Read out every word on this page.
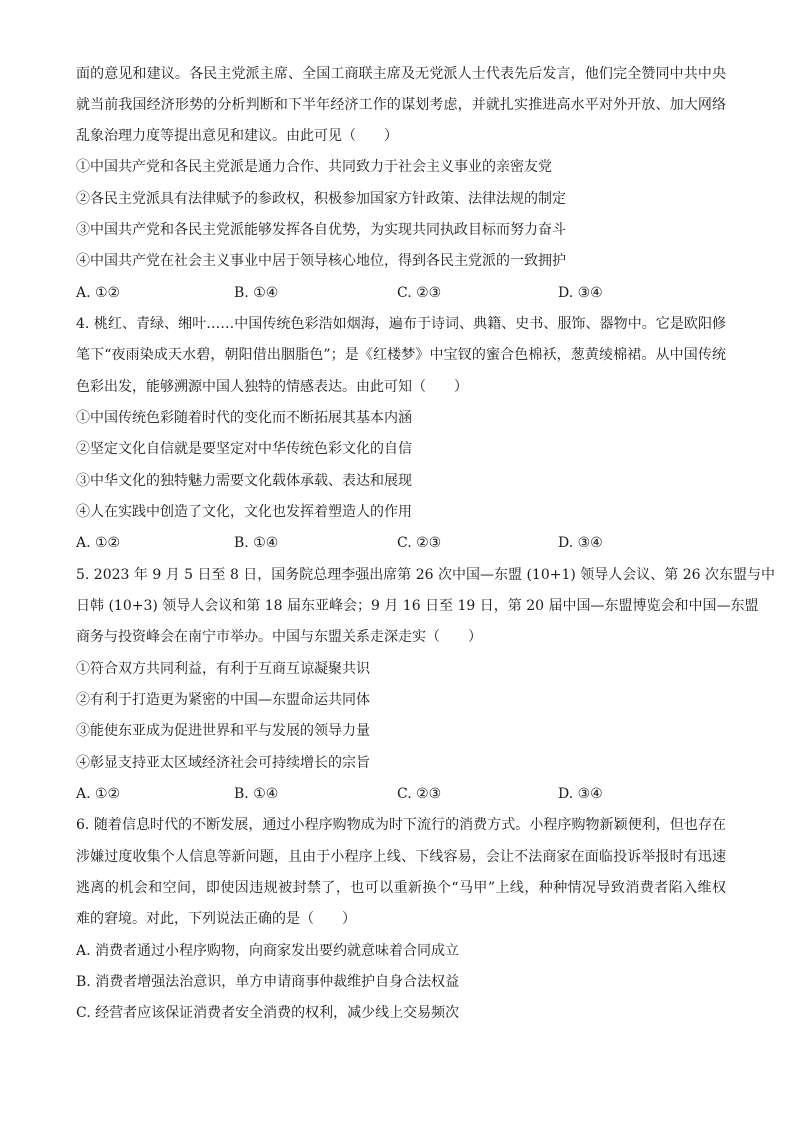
面的意见和建议。各民主党派主席、全国工商联主席及无党派人士代表先后发言，他们完全赞同中共中央
就当前我国经济形势的分析判断和下半年经济工作的谋划考虑，并就扎实推进高水平对外开放、加大网络
乱象治理力度等提出意见和建议。由此可见（　　）
①中国共产党和各民主党派是通力合作、共同致力于社会主义事业的亲密友党
②各民主党派具有法律赋予的参政权，积极参加国家方针政策、法律法规的制定
③中国共产党和各民主党派能够发挥各自优势，为实现共同执政目标而努力奋斗
④中国共产党在社会主义事业中居于领导核心地位，得到各民主党派的一致拥护
A. ①②	B. ①④	C. ②③	D. ③④
4. 桃红、青绿、缃叶……中国传统色彩浩如烟海，遍布于诗词、典籍、史书、服饰、器物中。它是欧阳修
笔下“夜雨染成天水碧，朝阳借出胭脂色”；是《红楼梦》中宝钗的蜜合色棉袄，葱黄绫棉裙。从中国传统
色彩出发，能够溯源中国人独特的情感表达。由此可知（　　）
①中国传统色彩随着时代的变化而不断拓展其基本内涵
②坚定文化自信就是要坚定对中华传统色彩文化的自信
③中华文化的独特魅力需要文化载体承载、表达和展现
④人在实践中创造了文化，文化也发挥着塑造人的作用
A. ①②	B. ①④	C. ②③	D. ③④
5. 2023 年 9 月 5 日至 8 日，国务院总理李强出席第 26 次中国—东盟 (10+1) 领导人会议、第 26 次东盟与中
日韩 (10+3) 领导人会议和第 18 届东亚峰会；9 月 16 日至 19 日，第 20 届中国—东盟博览会和中国—东盟
商务与投资峰会在南宁市举办。中国与东盟关系走深走实（　　）
①符合双方共同利益，有利于互商互谅凝聚共识
②有利于打造更为紧密的中国—东盟命运共同体
③能使东亚成为促进世界和平与发展的领导力量
④彰显支持亚太区域经济社会可持续增长的宗旨
A. ①②	B. ①④	C. ②③	D. ③④
6. 随着信息时代的不断发展，通过小程序购物成为时下流行的消费方式。小程序购物新颖便利，但也存在
涉嫌过度收集个人信息等新问题，且由于小程序上线、下线容易，会让不法商家在面临投诉举报时有迅速
逃离的机会和空间，即使因违规被封禁了，也可以重新换个“马甲”上线，种种情况导致消费者陷入维权
难的窘境。对此，下列说法正确的是（　　）
A. 消费者通过小程序购物，向商家发出要约就意味着合同成立
B. 消费者增强法治意识，单方申请商事仲裁维护自身合法权益
C. 经营者应该保证消费者安全消费的权利，减少线上交易频次
